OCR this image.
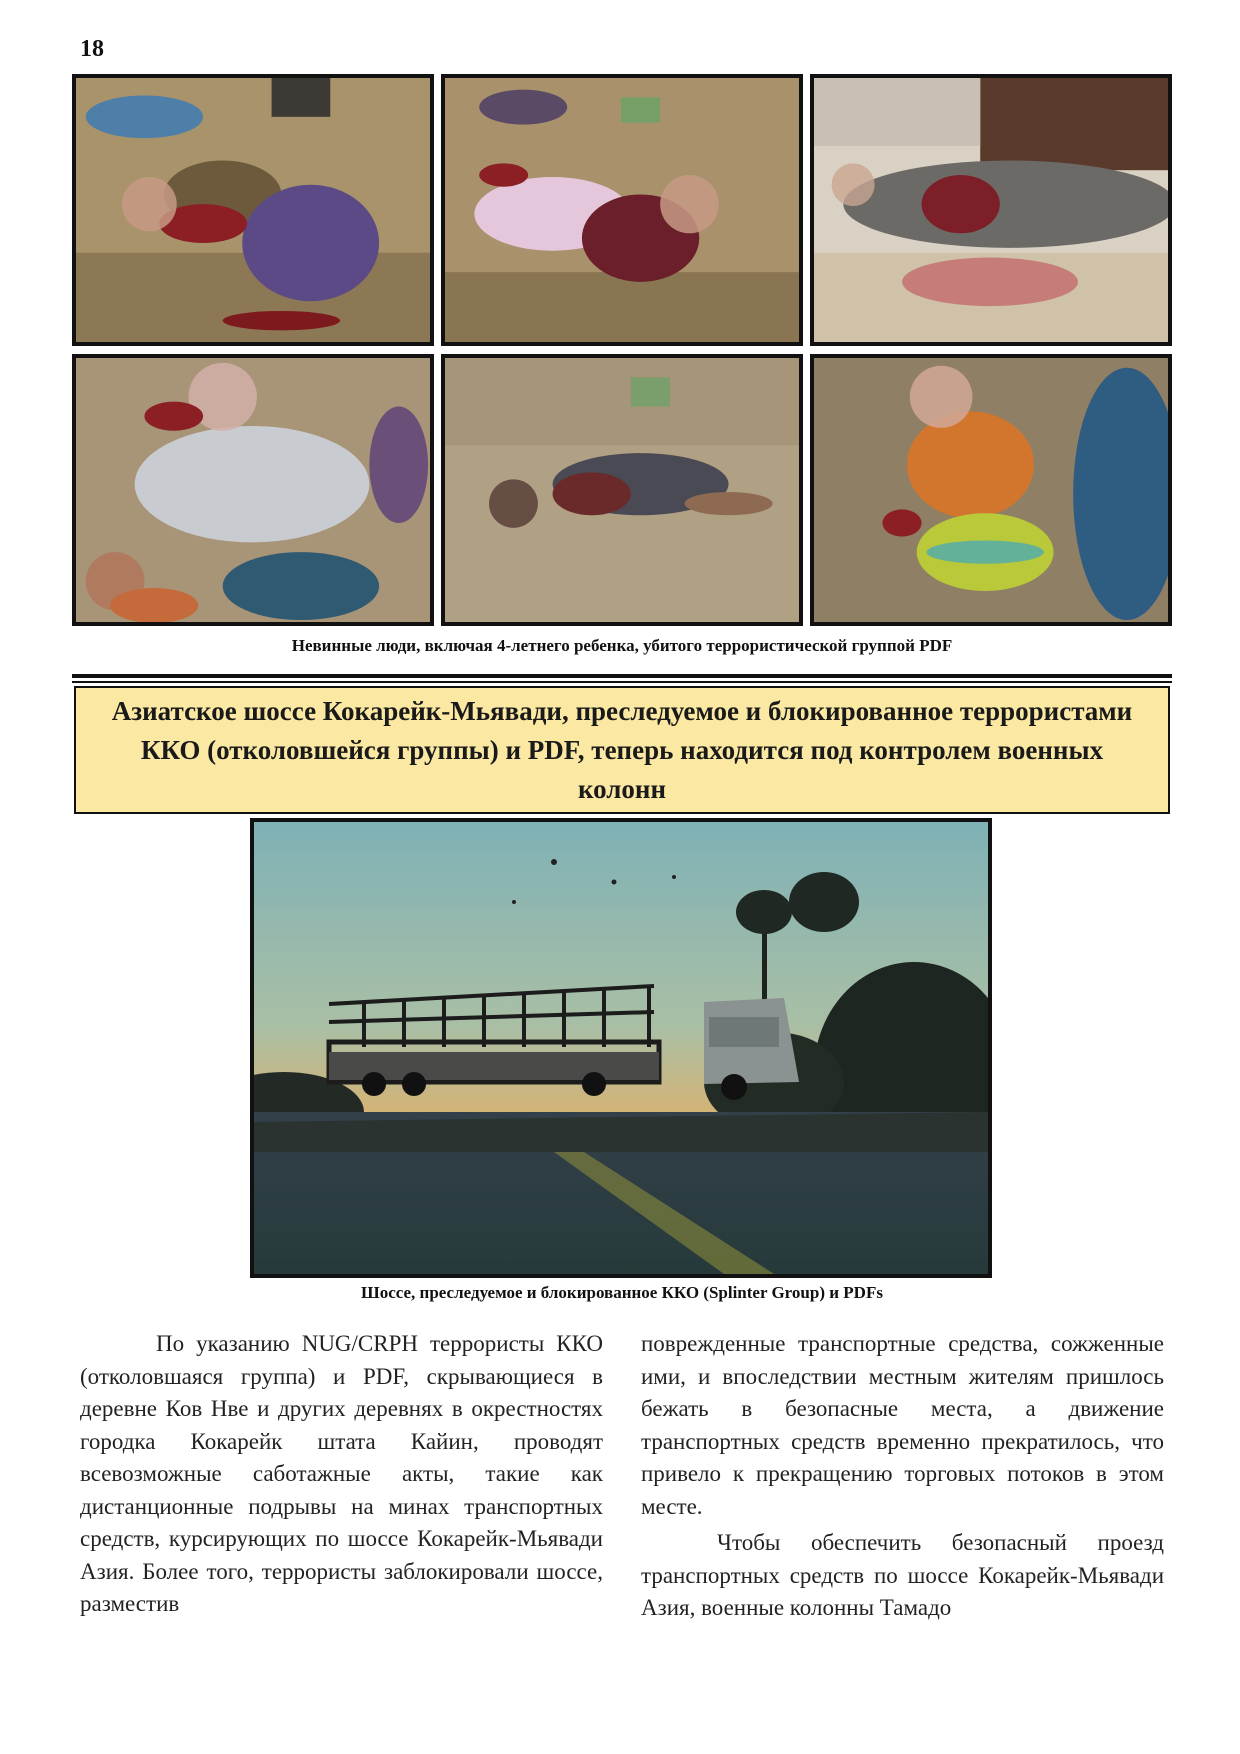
18
Невинные люди, включая 4-летнего ребенка, убитого террористической группой PDF
Азиатское шоссе Кокарейк-Мьявади, преследуемое и блокированное террористами ККО (отколовшейся группы) и PDF, теперь находится под контролем военных колонн
Шоссе, преследуемое и блокированное ККО (Splinter Group) и PDFs

По указанию NUG/CRPH террористы ККО (отколовшаяся группа) и PDF, скрывающиеся в деревне Ков Нве и других деревнях в окрестностях городка Кокарейк штата Кайин, проводят всевозможные саботажные акты, такие как дистанционные подрывы на минах транспортных средств, курсирующих по шоссе Кокарейк-Мьявади Азия. Более того, террористы заблокировали шоссе, разместив

поврежденные транспортные средства, сожженные ими, и впоследствии местным жителям пришлось бежать в безопасные места, а движение транспортных средств временно прекратилось, что привело к прекращению торговых потоков в этом месте.

Чтобы обеспечить безопасный проезд транспортных средств по шоссе Кокарейк-Мьявади Азия, военные колонны Тамадо
